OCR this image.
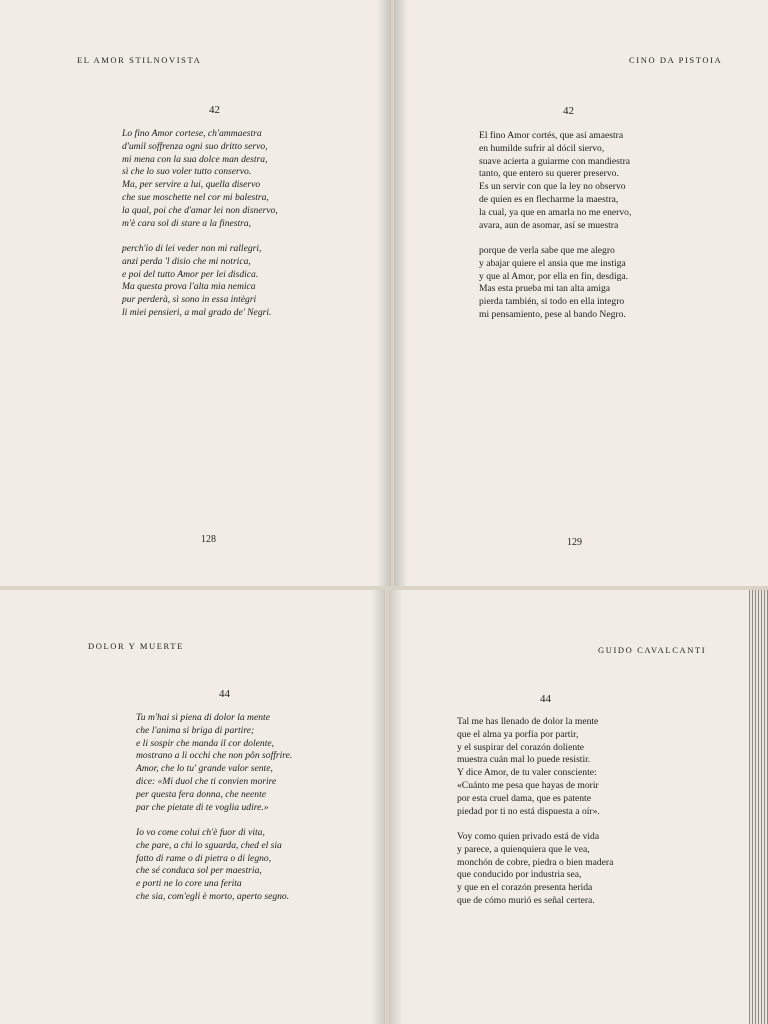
EL AMOR STILNOVISTA
42
Lo fino Amor cortese, ch'ammaestra
d'umil soffrenza ogni suo dritto servo,
mi mena con la sua dolce man destra,
sì che lo suo voler tutto conservo.
Ma, per servire a lui, quella diservo
che sue moschette nel cor mi balestra,
la qual, poi che d'amar lei non disnervo,
m'è cara sol di stare a la finestra,
perch'io di lei veder non mi rallegri,
anzi perda 'l disio che mi notrica,
e poi del tutto Amor per lei disdica.
Ma questa prova l'alta mia nemica
pur perderà, sì sono in essa intègri
li miei pensieri, a mal grado de' Negri.
128
CINO DA PISTOIA
42
El fino Amor cortés, que así amaestra
en humilde sufrir al dócil siervo,
suave acierta a guiarme con mandiestra
tanto, que entero su querer preservo.
Es un servir con que la ley no observo
de quien es en flecharme la maestra,
la cual, ya que en amarla no me enervo,
avara, aun de asomar, así se muestra
porque de verla sabe que me alegro
y abajar quiere el ansia que me instiga
y que al Amor, por ella en fin, desdiga.
Mas esta prueba mi tan alta amiga
pierda también, si todo en ella integro
mi pensamiento, pese al bando Negro.
129
DOLOR Y MUERTE
44
Tu m'hai sì piena di dolor la mente
che l'anima si briga di partire;
e li sospir che manda il cor dolente,
mostrano a li occhi che non pôn soffrire.
Amor, che lo tu' grande valor sente,
dice: «Mi duol che ti convien morire
per questa fera donna, che neente
par che pietate di te voglia udire.»
Io vo come colui ch'è fuor di vita,
che pare, a chi lo sguarda, ched el sia
fatto di rame o di pietra o di legno,
che sé conduca sol per maestria,
e porti ne lo core una ferita
che sia, com'egli è morto, aperto segno.
GUIDO CAVALCANTI
44
Tal me has llenado de dolor la mente
que el alma ya porfía por partir,
y el suspirar del corazón doliente
muestra cuán mal lo puede resistir.
Y dice Amor, de tu valer consciente:
«Cuánto me pesa que hayas de morir
por esta cruel dama, que es patente
piedad por ti no está dispuesta a oír».
Voy como quien privado está de vida
y parece, a quienquiera que le vea,
monchón de cobre, piedra o bien madera
que conducido por industria sea,
y que en el corazón presenta herida
que de cómo murió es señal certera.
